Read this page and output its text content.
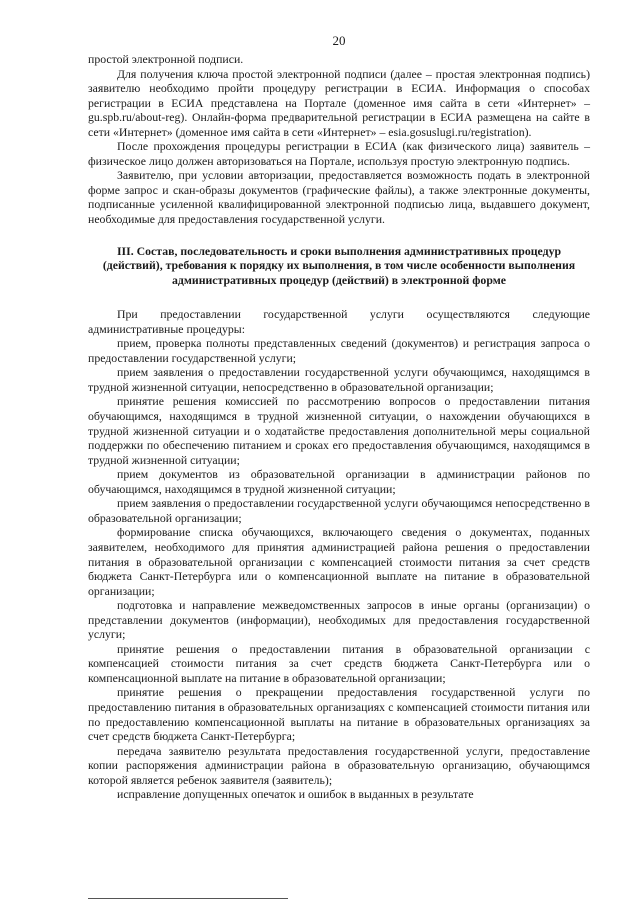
20

простой электронной подписи.

Для получения ключа простой электронной подписи (далее – простая электронная подпись) заявителю необходимо пройти процедуру регистрации в ЕСИА. Информация о способах регистрации в ЕСИА представлена на Портале (доменное имя сайта в сети «Интернет» – gu.spb.ru/about-reg). Онлайн-форма предварительной регистрации в ЕСИА размещена на сайте в сети «Интернет» (доменное имя сайта в сети «Интернет» – esia.gosuslugi.ru/registration).

После прохождения процедуры регистрации в ЕСИА (как физического лица) заявитель – физическое лицо должен авторизоваться на Портале, используя простую электронную подпись.

Заявителю, при условии авторизации, предоставляется возможность подать в электронной форме запрос и скан-образы документов (графические файлы), а также электронные документы, подписанные усиленной квалифицированной электронной подписью лица, выдавшего документ, необходимые для предоставления государственной услуги.

III. Состав, последовательность и сроки выполнения административных процедур (действий), требования к порядку их выполнения, в том числе особенности выполнения административных процедур (действий) в электронной форме

При предоставлении государственной услуги осуществляются следующие административные процедуры:

прием, проверка полноты представленных сведений (документов) и регистрация запроса о предоставлении государственной услуги;

прием заявления о предоставлении государственной услуги обучающимся, находящимся в трудной жизненной ситуации, непосредственно в образовательной организации;

принятие решения комиссией по рассмотрению вопросов о предоставлении питания обучающимся, находящимся в трудной жизненной ситуации, о нахождении обучающихся в трудной жизненной ситуации и о ходатайстве предоставления дополнительной меры социальной поддержки по обеспечению питанием и сроках его предоставления обучающимся, находящимся в трудной жизненной ситуации;

прием документов из образовательной организации в администрации районов по обучающимся, находящимся в трудной жизненной ситуации;

прием заявления о предоставлении государственной услуги обучающимся непосредственно в образовательной организации;

формирование списка обучающихся, включающего сведения о документах, поданных заявителем, необходимого для принятия администрацией района решения о предоставлении питания в образовательной организации с компенсацией стоимости питания за счет средств бюджета Санкт-Петербурга или о компенсационной выплате на питание в образовательной организации;

подготовка и направление межведомственных запросов в иные органы (организации) о представлении документов (информации), необходимых для предоставления государственной услуги;

принятие решения о предоставлении питания в образовательной организации с компенсацией стоимости питания за счет средств бюджета Санкт-Петербурга или о компенсационной выплате на питание в образовательной организации;

принятие решения о прекращении предоставления государственной услуги по предоставлению питания в образовательных организациях с компенсацией стоимости питания или по предоставлению компенсационной выплаты на питание в образовательных организациях за счет средств бюджета Санкт-Петербурга;

передача заявителю результата предоставления государственной услуги, предоставление копии распоряжения администрации района в образовательную организацию, обучающимся которой является ребенок заявителя (заявитель);

исправление допущенных опечаток и ошибок в выданных в результате
